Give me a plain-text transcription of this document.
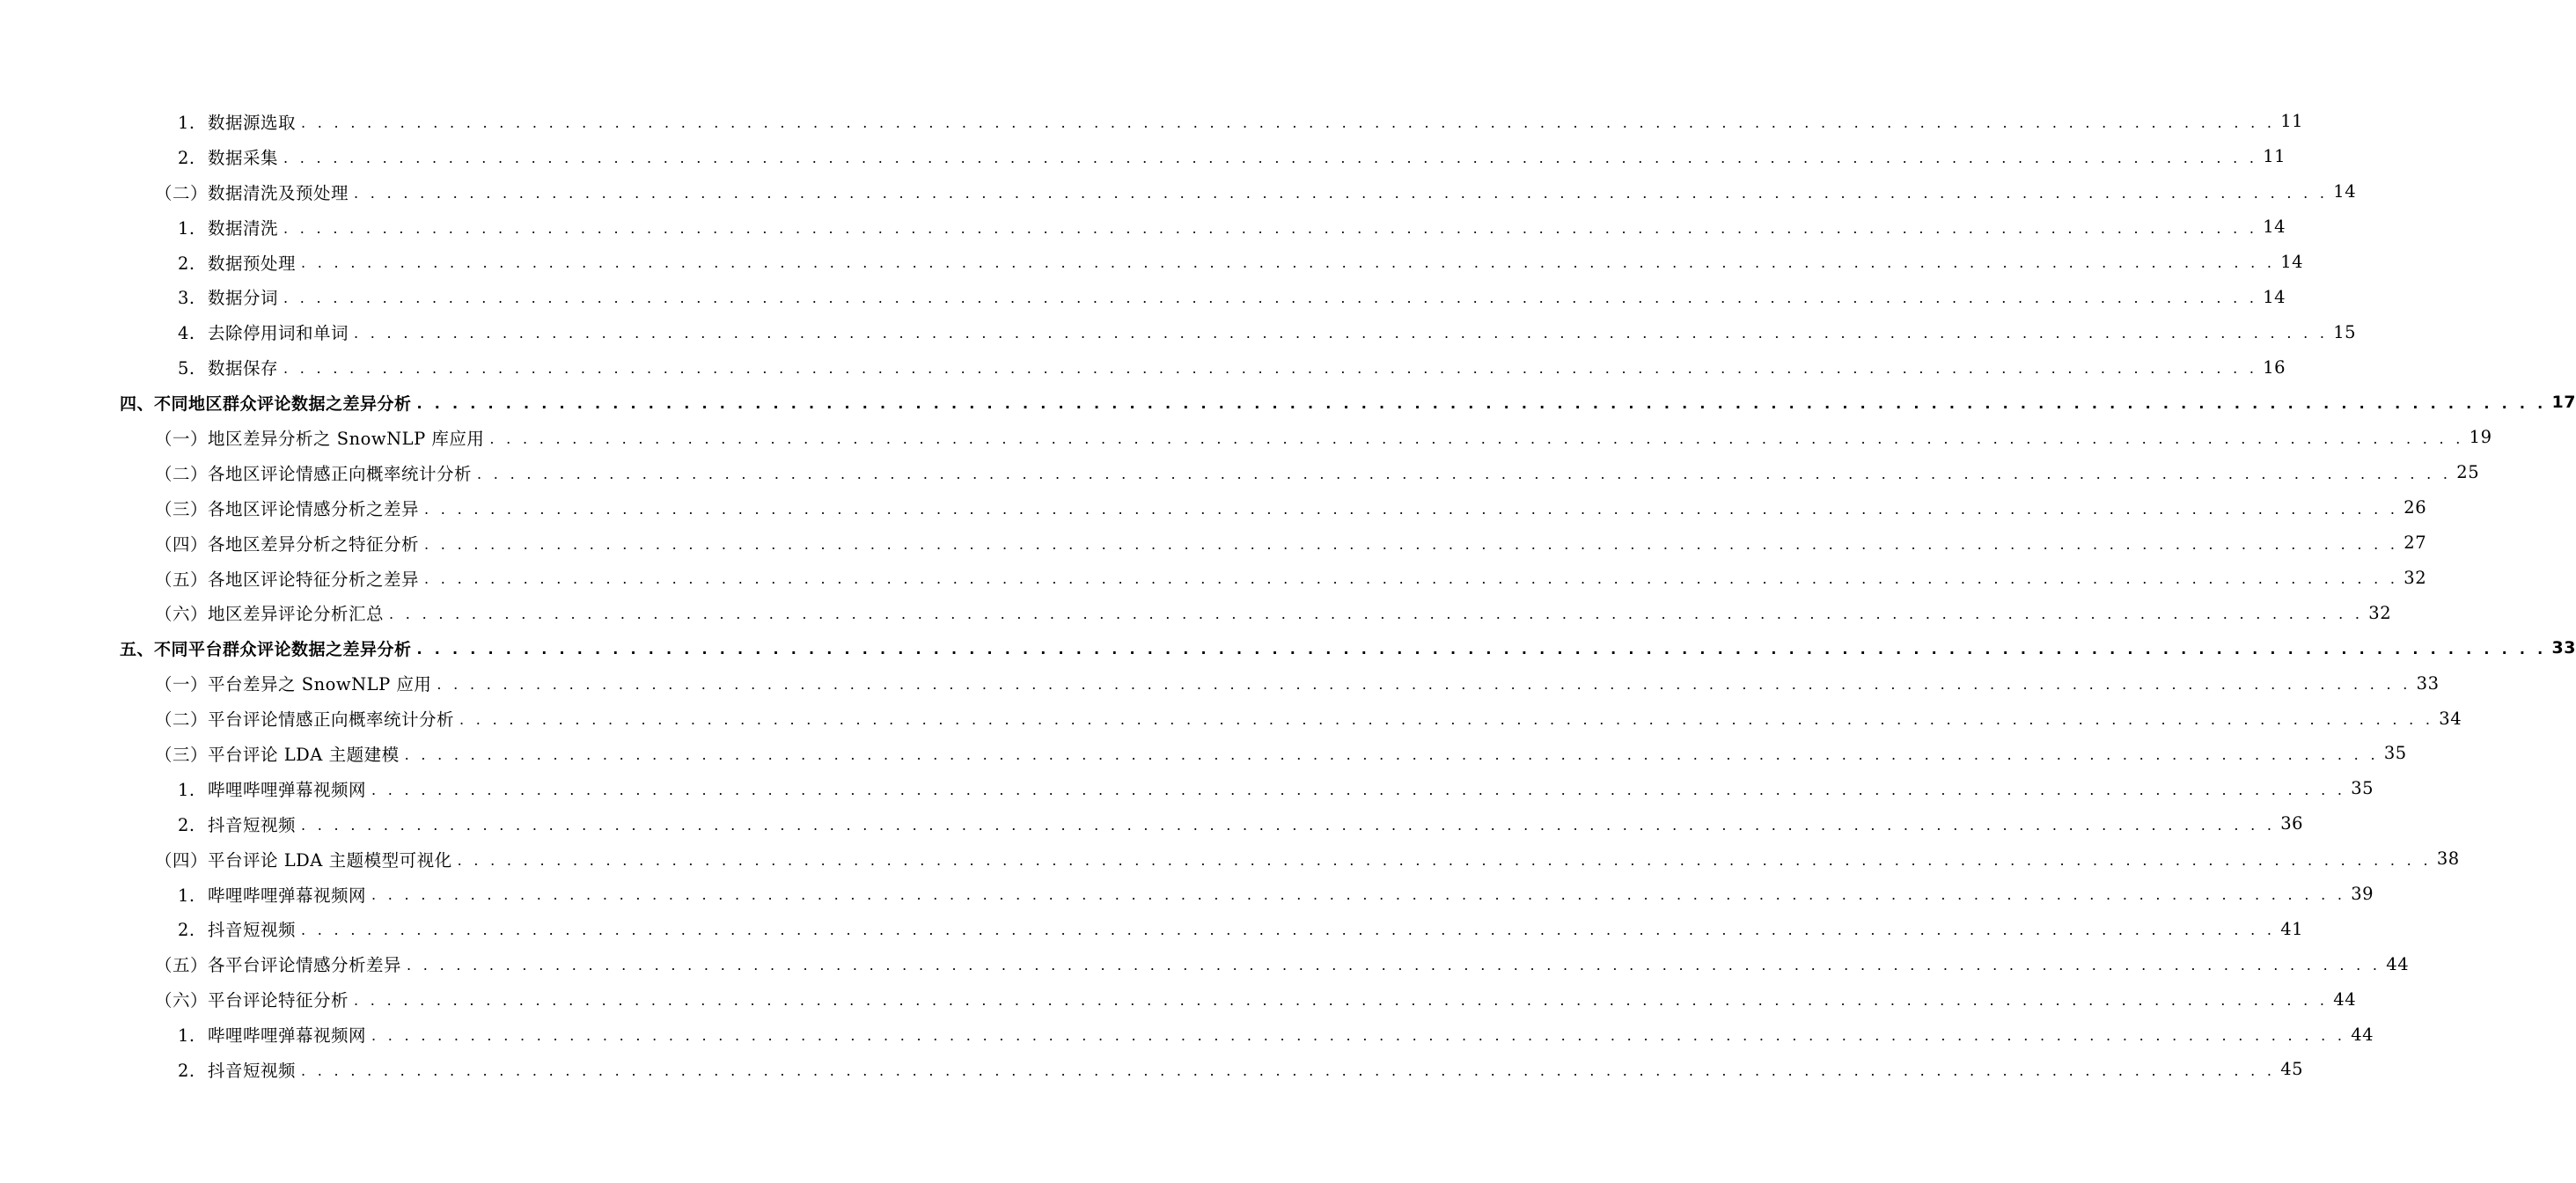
1. 数据源选取 . . . . . . . . . . . . . . . . . . . . . . . . . . . . . . . . . . . . . . . . . . . . . . . . . . . . . . . . . . . . . . . . . . . . . . . . . . . . . . . . . . . . . . . . . . . . . . . . . . . . . . . . . . . . . . . . . . . . . . . . 11
2. 数据采集 . . . . . . . . . . . . . . . . . . . . . . . . . . . . . . . . . . . . . . . . . . . . . . . . . . . . . . . . . . . . . . . . . . . . . . . . . . . . . . . . . . . . . . . . . . . . . . . . . . . . . . . . . . . . . . . . . . . . . . . . 11
（二）数据清洗及预处理 . . . . . . . . . . . . . . . . . . . . . . . . . . . . . . . . . . . . . . . . . . . . . . . . . . . . . . . . . . . . . . . . . . . . . . . . . . . . . . . . . . . . . . . . . . . . . . . . . . . . . . . . . . . . . . . . . . . . . . . . 14
1. 数据清洗 . . . . . . . . . . . . . . . . . . . . . . . . . . . . . . . . . . . . . . . . . . . . . . . . . . . . . . . . . . . . . . . . . . . . . . . . . . . . . . . . . . . . . . . . . . . . . . . . . . . . . . . . . . . . . . . . . . . . . . . . 14
2. 数据预处理 . . . . . . . . . . . . . . . . . . . . . . . . . . . . . . . . . . . . . . . . . . . . . . . . . . . . . . . . . . . . . . . . . . . . . . . . . . . . . . . . . . . . . . . . . . . . . . . . . . . . . . . . . . . . . . . . . . . . . . . . 14
3. 数据分词 . . . . . . . . . . . . . . . . . . . . . . . . . . . . . . . . . . . . . . . . . . . . . . . . . . . . . . . . . . . . . . . . . . . . . . . . . . . . . . . . . . . . . . . . . . . . . . . . . . . . . . . . . . . . . . . . . . . . . . . . 14
4. 去除停用词和单词 . . . . . . . . . . . . . . . . . . . . . . . . . . . . . . . . . . . . . . . . . . . . . . . . . . . . . . . . . . . . . . . . . . . . . . . . . . . . . . . . . . . . . . . . . . . . . . . . . . . . . . . . . . . . . . . . . . . . . . . . 15
5. 数据保存 . . . . . . . . . . . . . . . . . . . . . . . . . . . . . . . . . . . . . . . . . . . . . . . . . . . . . . . . . . . . . . . . . . . . . . . . . . . . . . . . . . . . . . . . . . . . . . . . . . . . . . . . . . . . . . . . . . . . . . . . 16
四、不同地区群众评论数据之差异分析 . . . . . . . . . . . . . . . . . . . . . . . . . . . . . . . . . . . . . . . . . . . . . . . . . . . . . . . . . . . . . . . . . . . . . . . . . . . . . . . . . . . . . . . . . . . . . . . . . . . . . . . . . . . . . . . . . . . . . . . . 17
（一）地区差异分析之 SnowNLP 库应用 . . . . . . . . . . . . . . . . . . . . . . . . . . . . . . . . . . . . . . . . . . . . . . . . . . . . . . . . . . . . . . . . . . . . . . . . . . . . . . . . . . . . . . . . . . . . . . . . . . . . . . . . . . . . . . . . . . . . . . . . 19
（二）各地区评论情感正向概率统计分析 . . . . . . . . . . . . . . . . . . . . . . . . . . . . . . . . . . . . . . . . . . . . . . . . . . . . . . . . . . . . . . . . . . . . . . . . . . . . . . . . . . . . . . . . . . . . . . . . . . . . . . . . . . . . . . . . . . . . . . . . 25
（三）各地区评论情感分析之差异 . . . . . . . . . . . . . . . . . . . . . . . . . . . . . . . . . . . . . . . . . . . . . . . . . . . . . . . . . . . . . . . . . . . . . . . . . . . . . . . . . . . . . . . . . . . . . . . . . . . . . . . . . . . . . . . . . . . . . . . . 26
（四）各地区差异分析之特征分析 . . . . . . . . . . . . . . . . . . . . . . . . . . . . . . . . . . . . . . . . . . . . . . . . . . . . . . . . . . . . . . . . . . . . . . . . . . . . . . . . . . . . . . . . . . . . . . . . . . . . . . . . . . . . . . . . . . . . . . . . 27
（五）各地区评论特征分析之差异 . . . . . . . . . . . . . . . . . . . . . . . . . . . . . . . . . . . . . . . . . . . . . . . . . . . . . . . . . . . . . . . . . . . . . . . . . . . . . . . . . . . . . . . . . . . . . . . . . . . . . . . . . . . . . . . . . . . . . . . . 32
（六）地区差异评论分析汇总 . . . . . . . . . . . . . . . . . . . . . . . . . . . . . . . . . . . . . . . . . . . . . . . . . . . . . . . . . . . . . . . . . . . . . . . . . . . . . . . . . . . . . . . . . . . . . . . . . . . . . . . . . . . . . . . . . . . . . . . . 32
五、不同平台群众评论数据之差异分析 . . . . . . . . . . . . . . . . . . . . . . . . . . . . . . . . . . . . . . . . . . . . . . . . . . . . . . . . . . . . . . . . . . . . . . . . . . . . . . . . . . . . . . . . . . . . . . . . . . . . . . . . . . . . . . . . . . . . . . . . 33
（一）平台差异之 SnowNLP 应用 . . . . . . . . . . . . . . . . . . . . . . . . . . . . . . . . . . . . . . . . . . . . . . . . . . . . . . . . . . . . . . . . . . . . . . . . . . . . . . . . . . . . . . . . . . . . . . . . . . . . . . . . . . . . . . . . . . . . . . . . 33
（二）平台评论情感正向概率统计分析 . . . . . . . . . . . . . . . . . . . . . . . . . . . . . . . . . . . . . . . . . . . . . . . . . . . . . . . . . . . . . . . . . . . . . . . . . . . . . . . . . . . . . . . . . . . . . . . . . . . . . . . . . . . . . . . . . . . . . . . . 34
（三）平台评论 LDA 主题建模 . . . . . . . . . . . . . . . . . . . . . . . . . . . . . . . . . . . . . . . . . . . . . . . . . . . . . . . . . . . . . . . . . . . . . . . . . . . . . . . . . . . . . . . . . . . . . . . . . . . . . . . . . . . . . . . . . . . . . . . . 35
1. 哔哩哔哩弹幕视频网 . . . . . . . . . . . . . . . . . . . . . . . . . . . . . . . . . . . . . . . . . . . . . . . . . . . . . . . . . . . . . . . . . . . . . . . . . . . . . . . . . . . . . . . . . . . . . . . . . . . . . . . . . . . . . . . . . . . . . . . . 35
2. 抖音短视频 . . . . . . . . . . . . . . . . . . . . . . . . . . . . . . . . . . . . . . . . . . . . . . . . . . . . . . . . . . . . . . . . . . . . . . . . . . . . . . . . . . . . . . . . . . . . . . . . . . . . . . . . . . . . . . . . . . . . . . . . 36
（四）平台评论 LDA 主题模型可视化 . . . . . . . . . . . . . . . . . . . . . . . . . . . . . . . . . . . . . . . . . . . . . . . . . . . . . . . . . . . . . . . . . . . . . . . . . . . . . . . . . . . . . . . . . . . . . . . . . . . . . . . . . . . . . . . . . . . . . . . . 38
1. 哔哩哔哩弹幕视频网 . . . . . . . . . . . . . . . . . . . . . . . . . . . . . . . . . . . . . . . . . . . . . . . . . . . . . . . . . . . . . . . . . . . . . . . . . . . . . . . . . . . . . . . . . . . . . . . . . . . . . . . . . . . . . . . . . . . . . . . . 39
2. 抖音短视频 . . . . . . . . . . . . . . . . . . . . . . . . . . . . . . . . . . . . . . . . . . . . . . . . . . . . . . . . . . . . . . . . . . . . . . . . . . . . . . . . . . . . . . . . . . . . . . . . . . . . . . . . . . . . . . . . . . . . . . . . 41
（五）各平台评论情感分析差异 . . . . . . . . . . . . . . . . . . . . . . . . . . . . . . . . . . . . . . . . . . . . . . . . . . . . . . . . . . . . . . . . . . . . . . . . . . . . . . . . . . . . . . . . . . . . . . . . . . . . . . . . . . . . . . . . . . . . . . . . 44
（六）平台评论特征分析 . . . . . . . . . . . . . . . . . . . . . . . . . . . . . . . . . . . . . . . . . . . . . . . . . . . . . . . . . . . . . . . . . . . . . . . . . . . . . . . . . . . . . . . . . . . . . . . . . . . . . . . . . . . . . . . . . . . . . . . . 44
1. 哔哩哔哩弹幕视频网 . . . . . . . . . . . . . . . . . . . . . . . . . . . . . . . . . . . . . . . . . . . . . . . . . . . . . . . . . . . . . . . . . . . . . . . . . . . . . . . . . . . . . . . . . . . . . . . . . . . . . . . . . . . . . . . . . . . . . . . . 44
2. 抖音短视频 . . . . . . . . . . . . . . . . . . . . . . . . . . . . . . . . . . . . . . . . . . . . . . . . . . . . . . . . . . . . . . . . . . . . . . . . . . . . . . . . . . . . . . . . . . . . . . . . . . . . . . . . . . . . . . . . . . . . . . . . 45
